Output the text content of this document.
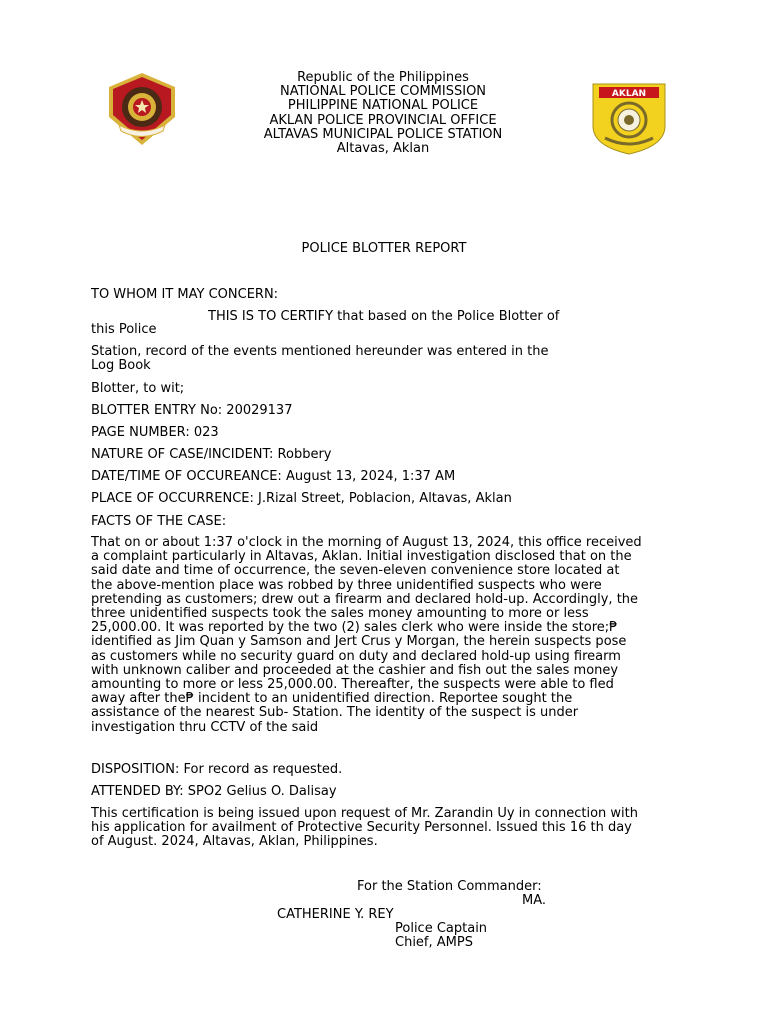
Republic of the Philippines
NATIONAL POLICE COMMISSION
PHILIPPINE NATIONAL POLICE
AKLAN POLICE PROVINCIAL OFFICE
ALTAVAS MUNICIPAL POLICE STATION
Altavas, Aklan
AKLAN
POLICE BLOTTER REPORT
TO WHOM IT MAY CONCERN:
THIS IS TO CERTIFY that based on the Police Blotter of
this Police
Station, record of the events mentioned hereunder was entered in the
Log Book
Blotter, to wit;
BLOTTER ENTRY No: 20029137
PAGE NUMBER: 023
NATURE OF CASE/INCIDENT: Robbery
DATE/TIME OF OCCUREANCE: August 13, 2024, 1:37 AM
PLACE OF OCCURRENCE: J.Rizal Street, Poblacion, Altavas, Aklan
FACTS OF THE CASE:
That on or about 1:37 o'clock in the morning of August 13, 2024, this office received
a complaint particularly in Altavas, Aklan. Initial investigation disclosed that on the
said date and time of occurrence, the seven-eleven convenience store located at
the above-mention place was robbed by three unidentified suspects who were
pretending as customers; drew out a firearm and declared hold-up. Accordingly, the
three unidentified suspects took the sales money amounting to more or less
25,000.00. It was reported by the two (2) sales clerk who were inside the store;₱
identified as Jim Quan y Samson and Jert Crus y Morgan, the herein suspects pose
as customers while no security guard on duty and declared hold-up using firearm
with unknown caliber and proceeded at the cashier and fish out the sales money
amounting to more or less 25,000.00. Thereafter, the suspects were able to fled
away after the₱ incident to an unidentified direction. Reportee sought the
assistance of the nearest Sub- Station. The identity of the suspect is under
investigation thru CCTV of the said
DISPOSITION: For record as requested.
ATTENDED BY: SPO2 Gelius O. Dalisay
This certification is being issued upon request of Mr. Zarandin Uy in connection with
his application for availment of Protective Security Personnel. Issued this 16 th day
of August. 2024, Altavas, Aklan, Philippines.
For the Station Commander:
MA.
CATHERINE Y. REY
Police Captain
Chief, AMPS
